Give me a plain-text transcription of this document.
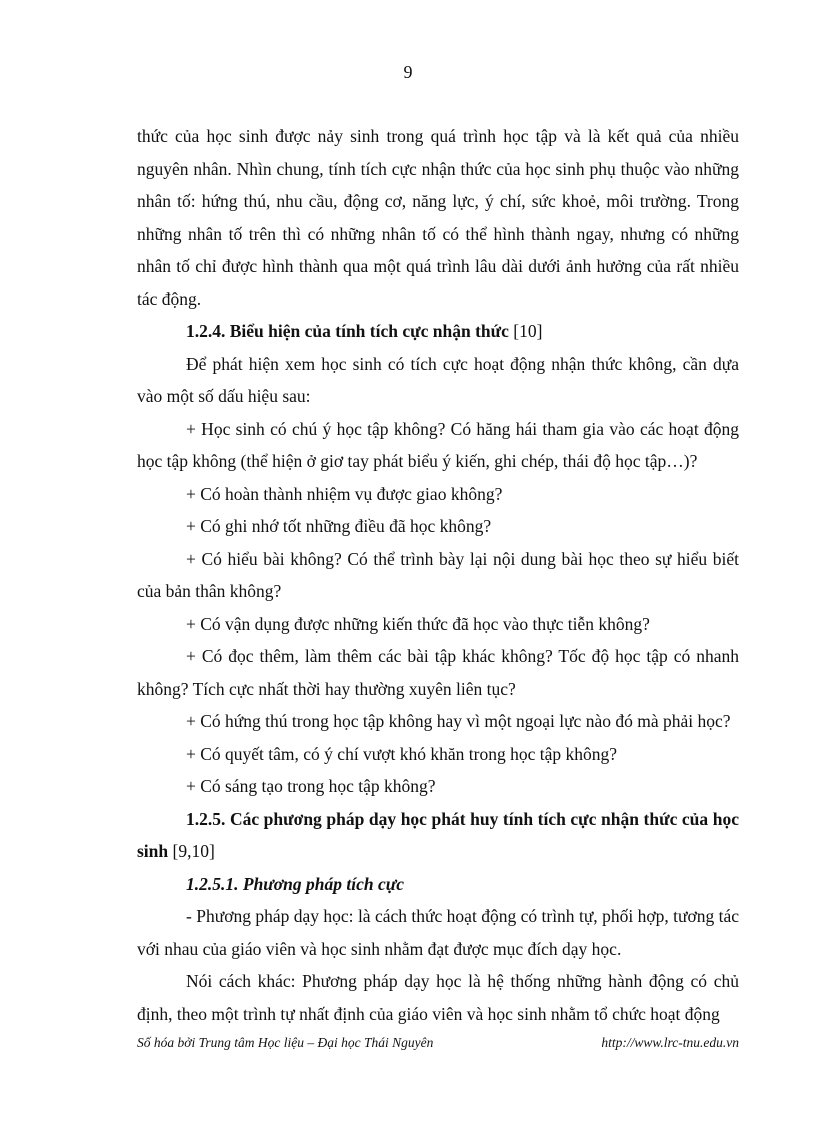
9

thức của học sinh được nảy sinh trong quá trình học tập và là kết quả của nhiều nguyên nhân. Nhìn chung, tính tích cực nhận thức của học sinh phụ thuộc vào những nhân tố: hứng thú, nhu cầu, động cơ, năng lực, ý chí, sức khoẻ, môi trường. Trong những nhân tố trên thì có những nhân tố có thể hình thành ngay, nhưng có những nhân tố chỉ được hình thành qua một quá trình lâu dài dưới ảnh hưởng của rất nhiều tác động.

1.2.4. Biểu hiện của tính tích cực nhận thức [10]

Để phát hiện xem học sinh có tích cực hoạt động nhận thức không, cần dựa vào một số dấu hiệu sau:

+ Học sinh có chú ý học tập không? Có hăng hái tham gia vào các hoạt động học tập không (thể hiện ở giơ tay phát biểu ý kiến, ghi chép, thái độ học tập…)?

+ Có hoàn thành nhiệm vụ được giao không?

+ Có ghi nhớ tốt những điều đã học không?

+ Có hiểu bài không? Có thể trình bày lại nội dung bài học theo sự hiểu biết của bản thân không?

+ Có vận dụng được những kiến thức đã học vào thực tiễn không?

+ Có đọc thêm, làm thêm các bài tập khác không? Tốc độ học tập có nhanh không? Tích cực nhất thời hay thường xuyên liên tục?

+ Có hứng thú trong học tập không hay vì một ngoại lực nào đó mà phải học?

+ Có quyết tâm, có ý chí vượt khó khăn trong học tập không?

+ Có sáng tạo trong học tập không?

1.2.5. Các phương pháp dạy học phát huy tính tích cực nhận thức của học sinh [9,10]

1.2.5.1. Phương pháp tích cực

- Phương pháp dạy học: là cách thức hoạt động có trình tự, phối hợp, tương tác với nhau của giáo viên và học sinh nhằm đạt được mục đích dạy học.

Nói cách khác: Phương pháp dạy học là hệ thống những hành động có chủ định, theo một trình tự nhất định của giáo viên và học sinh nhằm tổ chức hoạt động

Số hóa bởi Trung tâm Học liệu – Đại học Thái Nguyên	http://www.lrc-tnu.edu.vn
